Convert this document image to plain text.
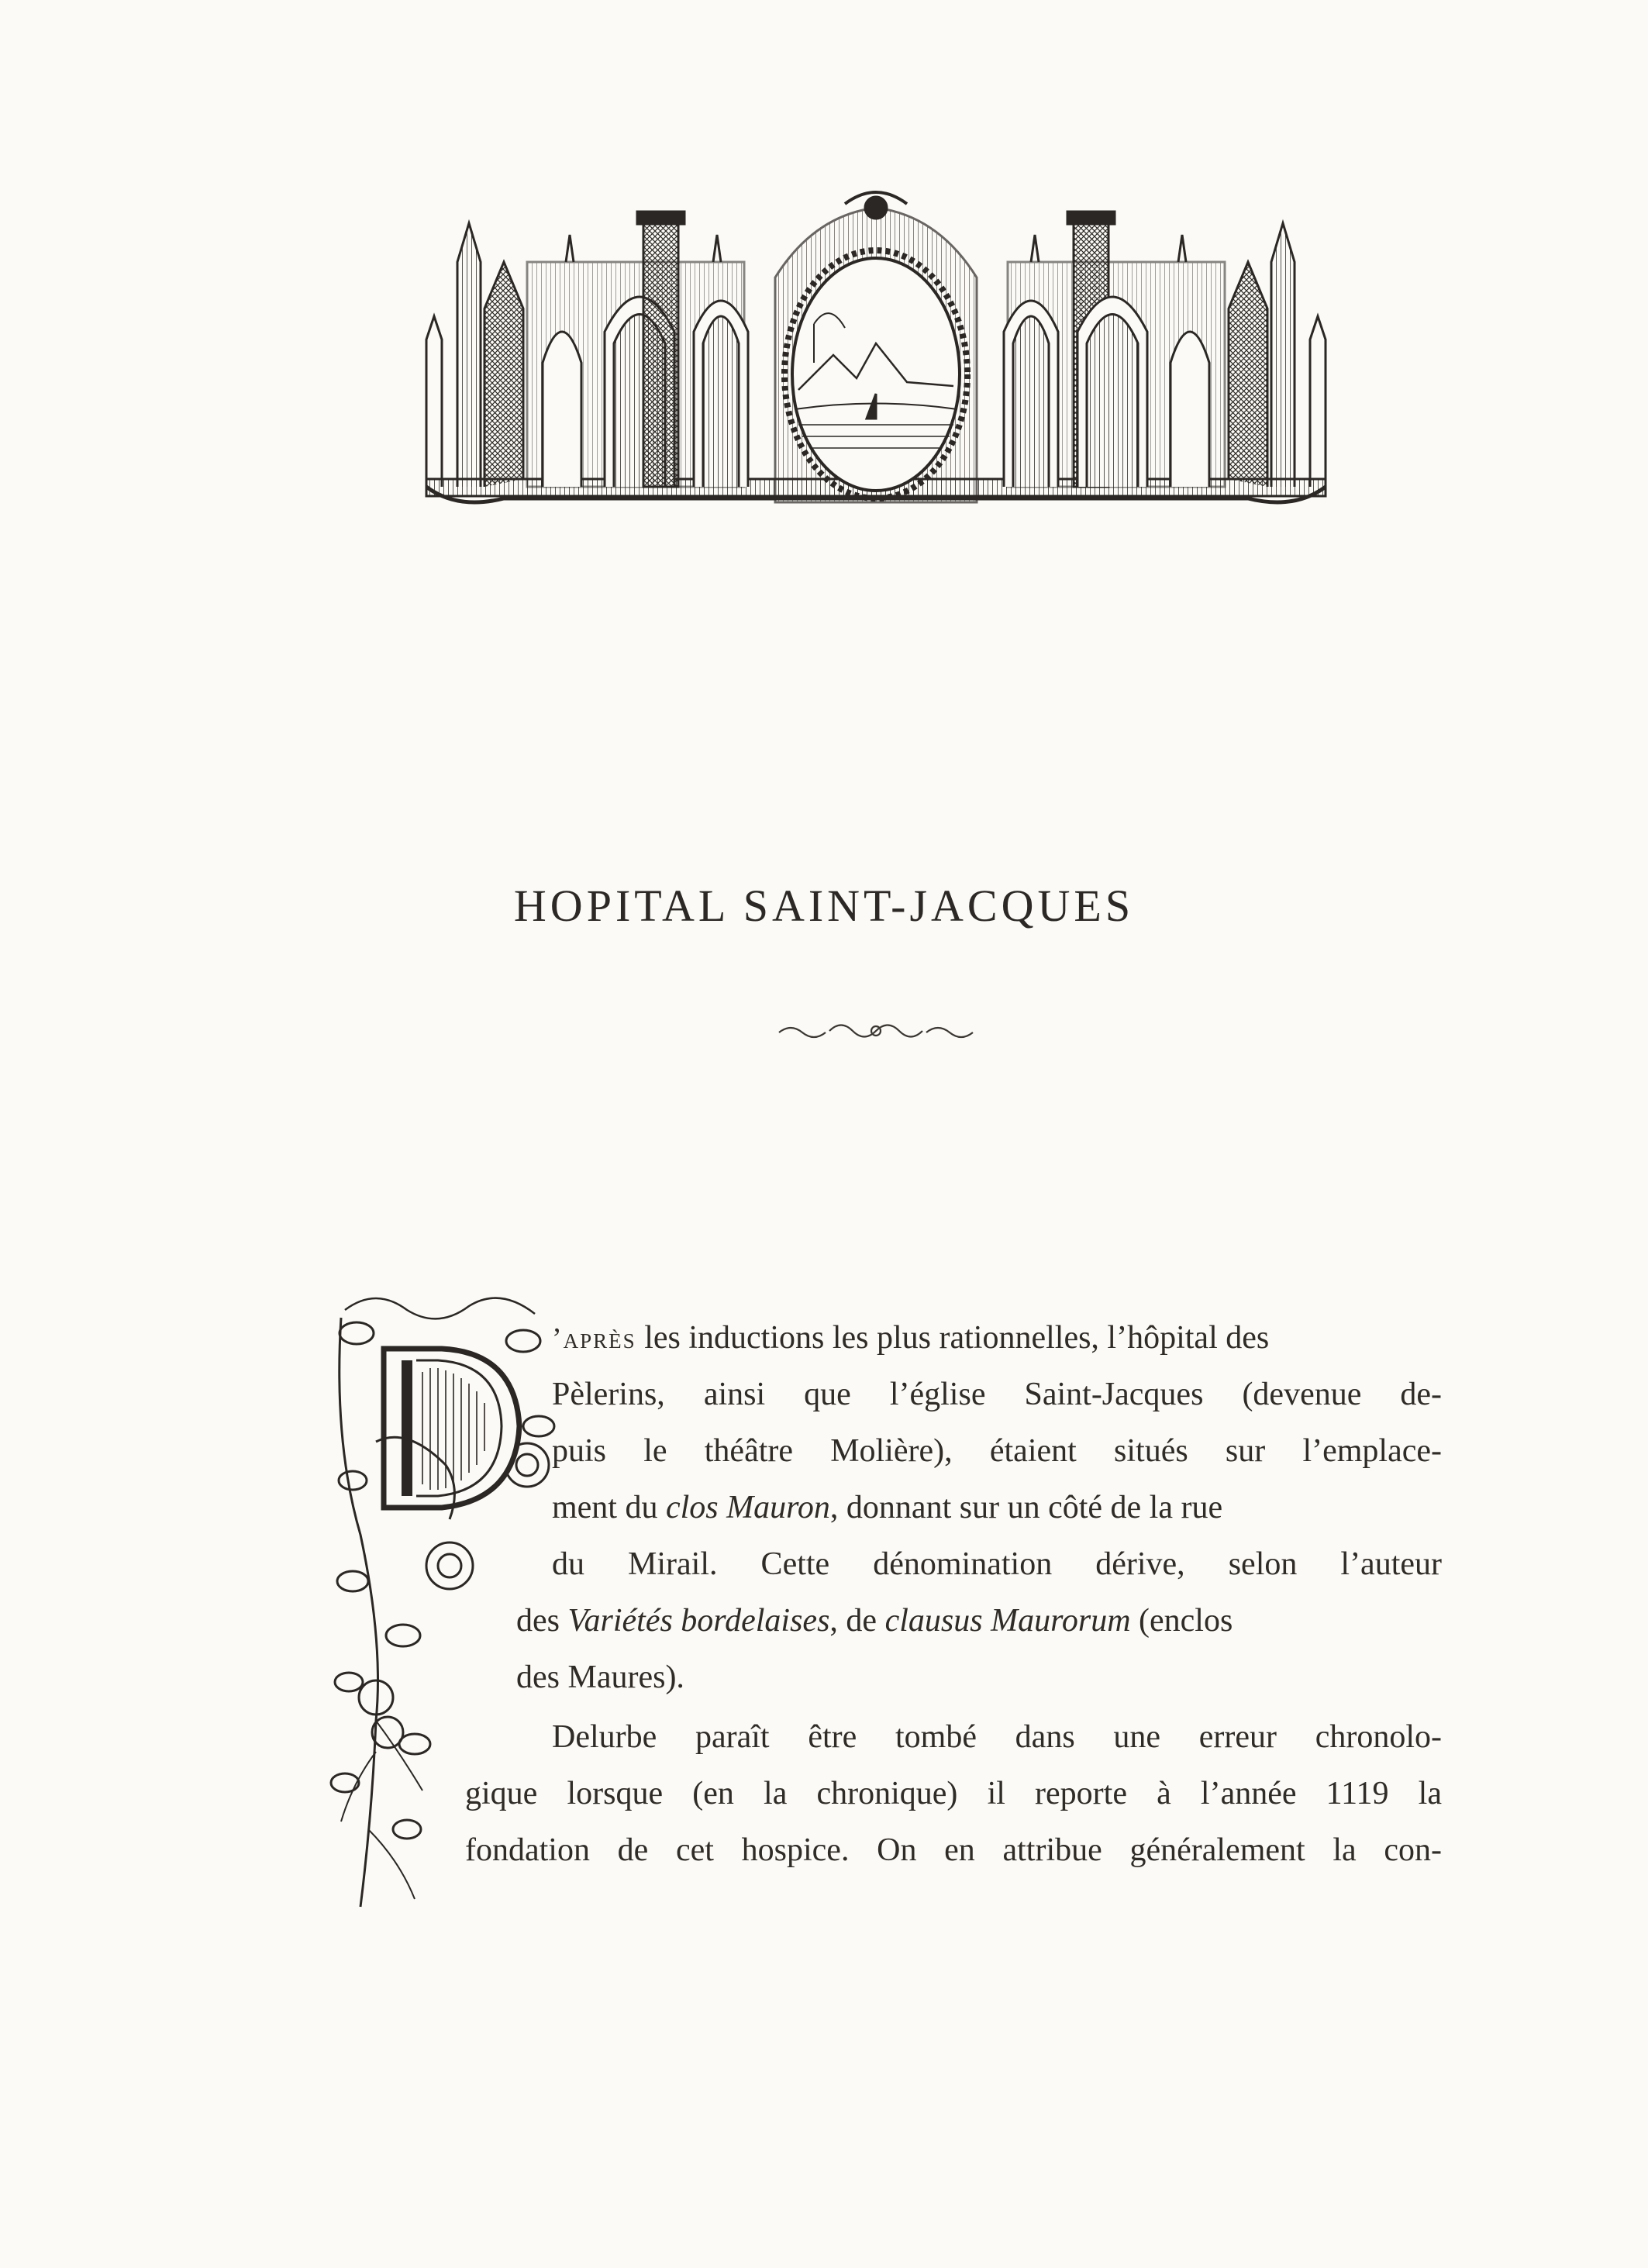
HOPITAL SAINT-JACQUES
’après les inductions les plus rationnelles, l’hôpital des
Pèlerins, ainsi que l’église Saint-Jacques (devenue de-
puis le théâtre Molière), étaient situés sur l’emplace-
ment du clos Mauron, donnant sur un côté de la rue
du Mirail. Cette dénomination dérive, selon l’auteur
des Variétés bordelaises, de clausus Maurorum (enclos
des Maures).
Delurbe paraît être tombé dans une erreur chronolo-
gique lorsque (en la chronique) il reporte à l’année 1119 la
fondation de cet hospice. On en attribue généralement la con-
